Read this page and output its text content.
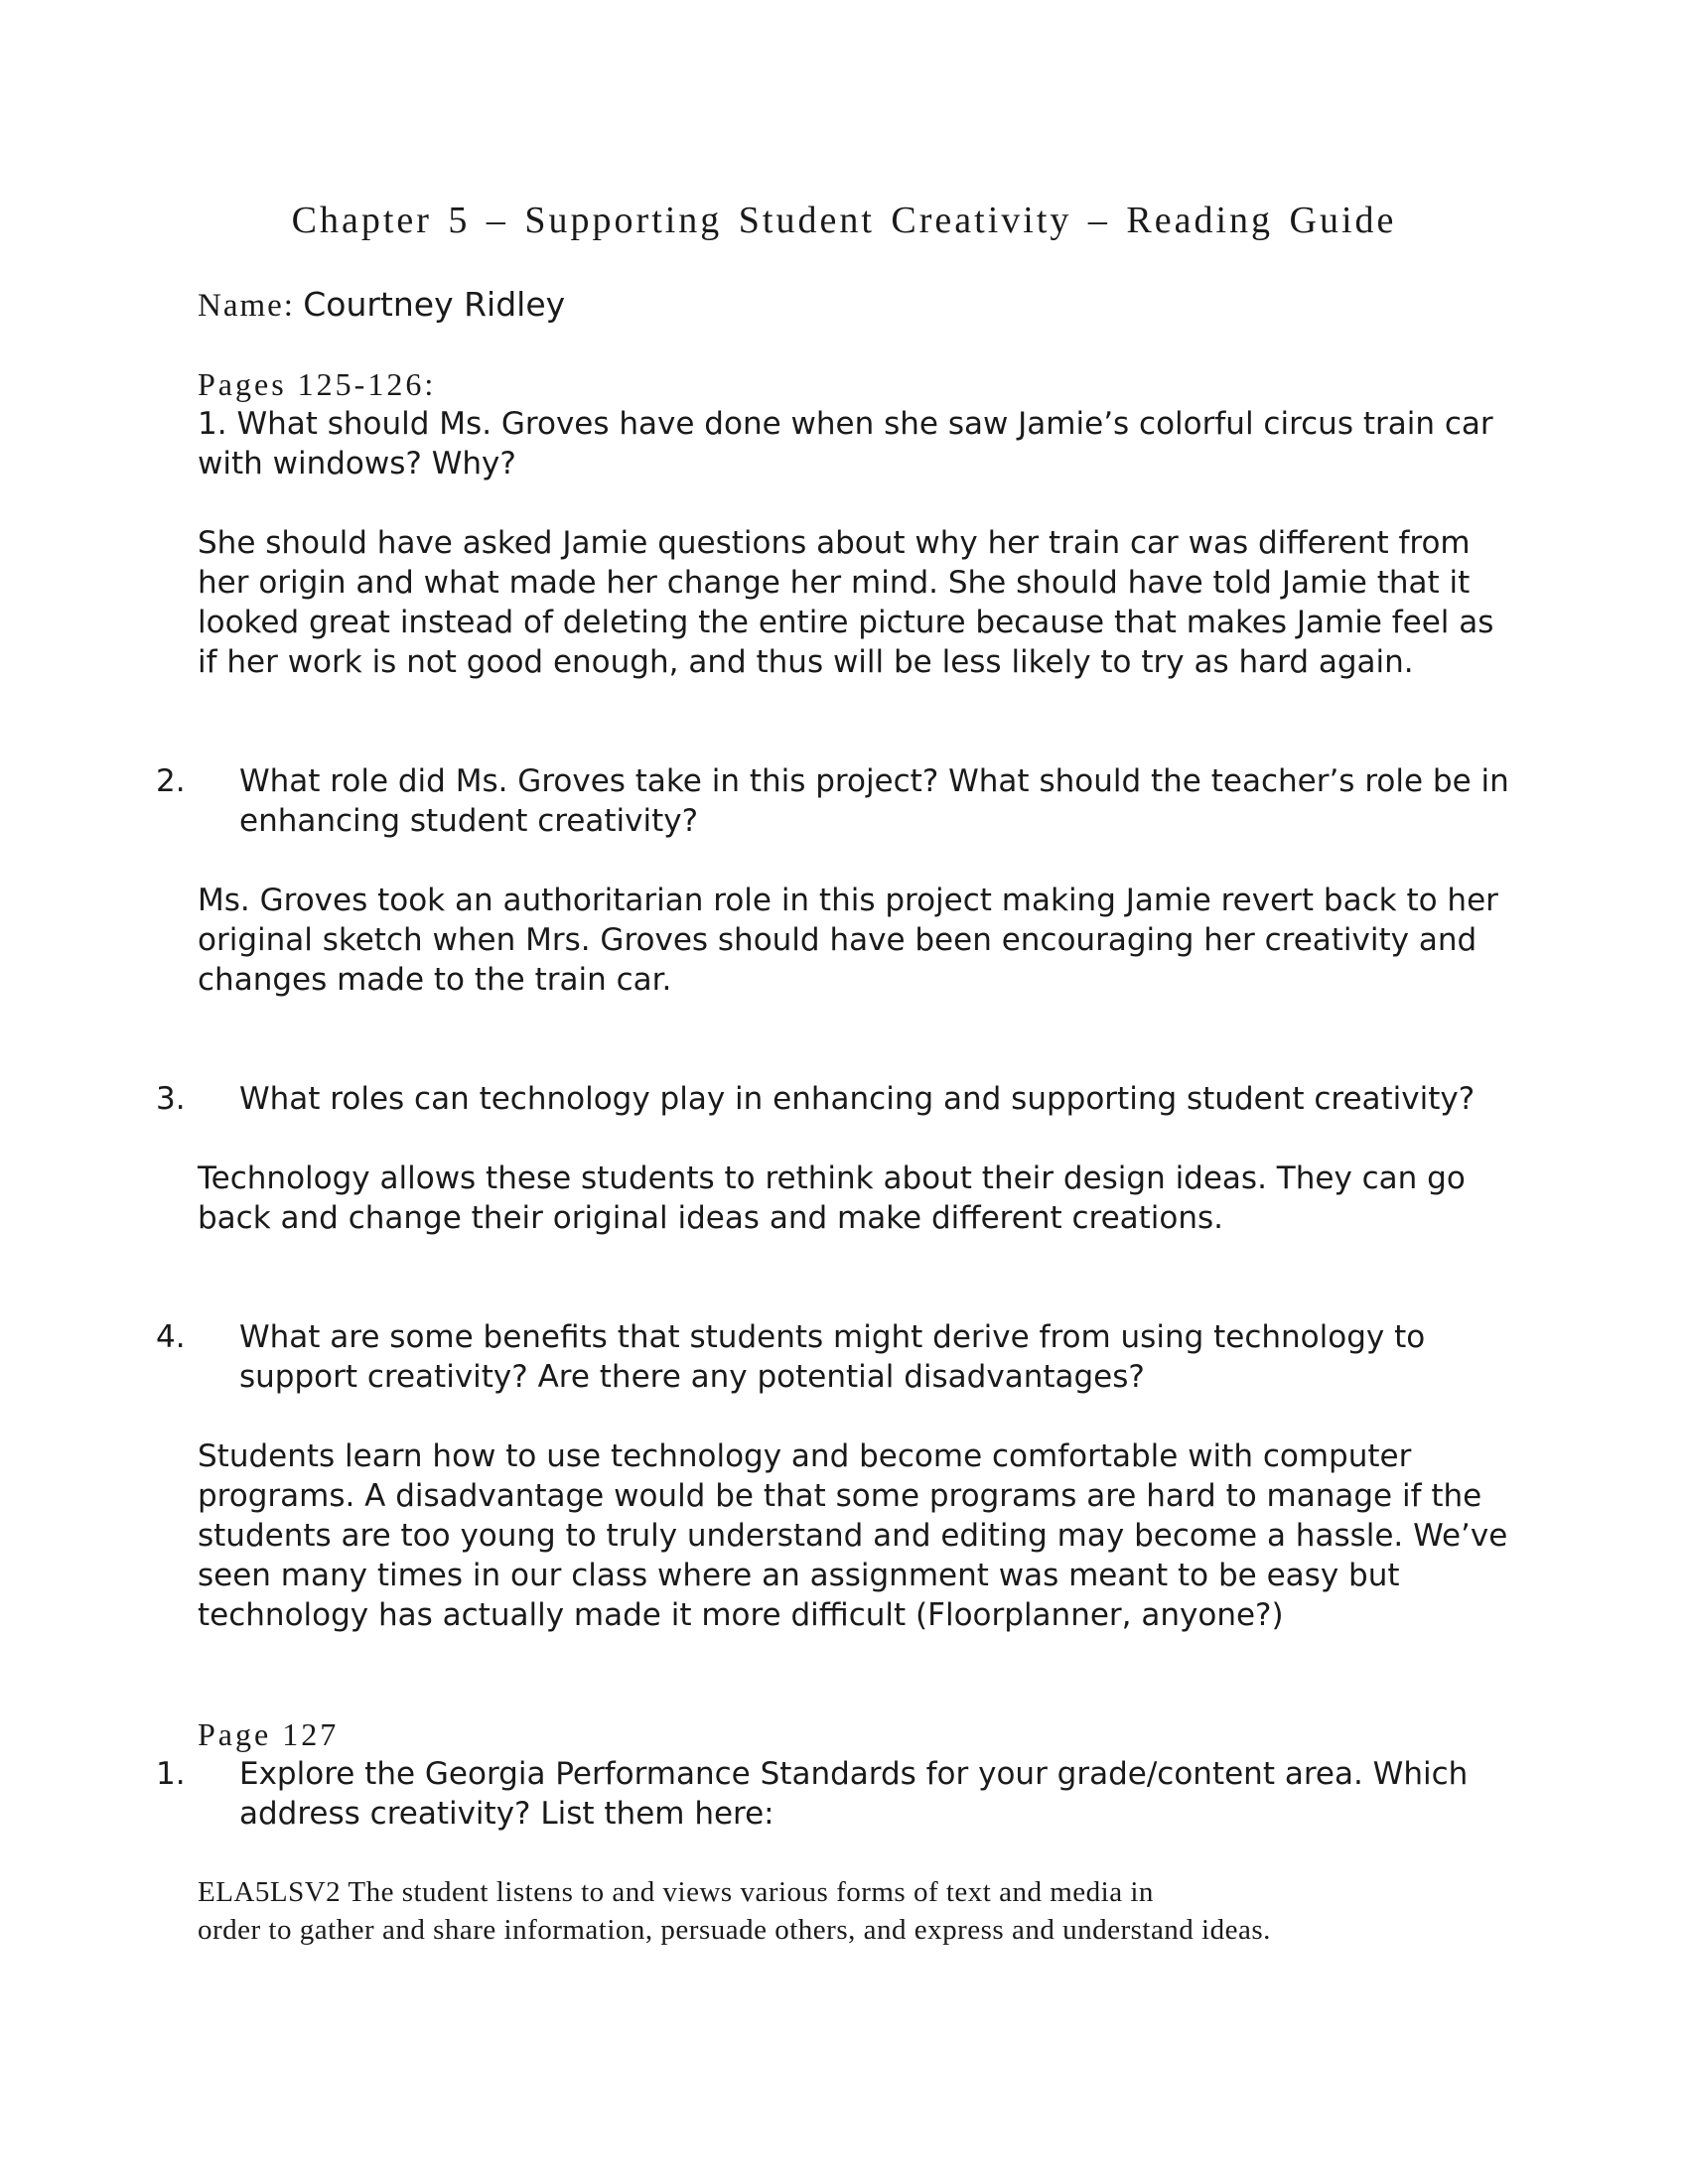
Chapter 5 – Supporting Student Creativity – Reading Guide
Name: Courtney Ridley
Pages 125-126:

1. What should Ms. Groves have done when she saw Jamie’s colorful circus train car with windows? Why?

She should have asked Jamie questions about why her train car was different from her origin and what made her change her mind. She should have told Jamie that it looked great instead of deleting the entire picture because that makes Jamie feel as if her work is not good enough, and thus will be less likely to try as hard again.

2. What role did Ms. Groves take in this project? What should the teacher’s role be in enhancing student creativity?

Ms. Groves took an authoritarian role in this project making Jamie revert back to her original sketch when Mrs. Groves should have been encouraging her creativity and changes made to the train car.

3. What roles can technology play in enhancing and supporting student creativity?

Technology allows these students to rethink about their design ideas. They can go back and change their original ideas and make different creations.

4. What are some benefits that students might derive from using technology to support creativity? Are there any potential disadvantages?

Students learn how to use technology and become comfortable with computer programs. A disadvantage would be that some programs are hard to manage if the students are too young to truly understand and editing may become a hassle. We’ve seen many times in our class where an assignment was meant to be easy but technology has actually made it more difficult (Floorplanner, anyone?)

Page 127

1. Explore the Georgia Performance Standards for your grade/content area. Which address creativity? List them here:

ELA5LSV2 The student listens to and views various forms of text and media in

order to gather and share information, persuade others, and express and understand ideas.
